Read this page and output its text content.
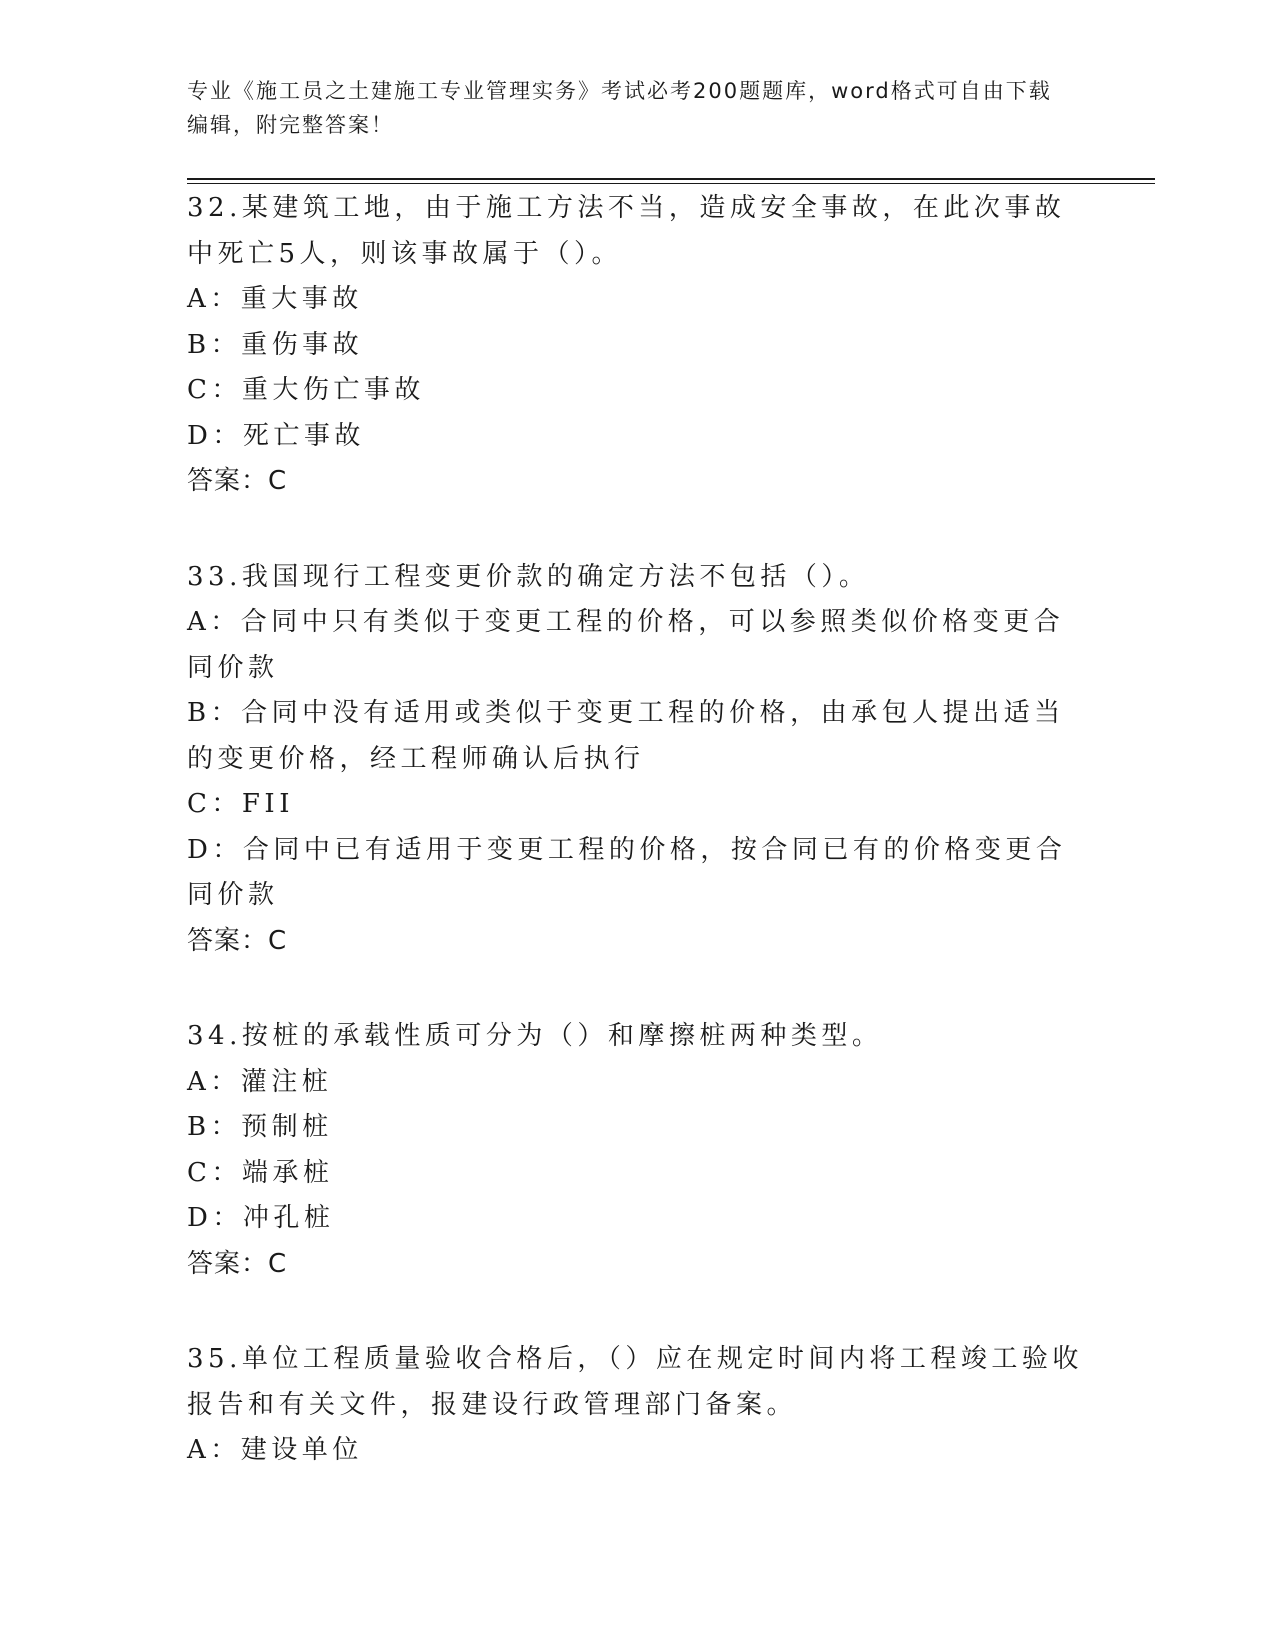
专业《施工员之土建施工专业管理实务》考试必考200题题库，word格式可自由下载编辑，附完整答案！
32.某建筑工地，由于施工方法不当，造成安全事故，在此次事故中死亡5人，则该事故属于（）。
A：重大事故
B：重伤事故
C：重大伤亡事故
D：死亡事故
答案：C
33.我国现行工程变更价款的确定方法不包括（）。
A：合同中只有类似于变更工程的价格，可以参照类似价格变更合同价款
B：合同中没有适用或类似于变更工程的价格，由承包人提出适当的变更价格，经工程师确认后执行
C：FII
D：合同中已有适用于变更工程的价格，按合同已有的价格变更合同价款
答案：C
34.按桩的承载性质可分为（）和摩擦桩两种类型。
A：灌注桩
B：预制桩
C：端承桩
D：冲孔桩
答案：C
35.单位工程质量验收合格后，（）应在规定时间内将工程竣工验收报告和有关文件，报建设行政管理部门备案。
A：建设单位
